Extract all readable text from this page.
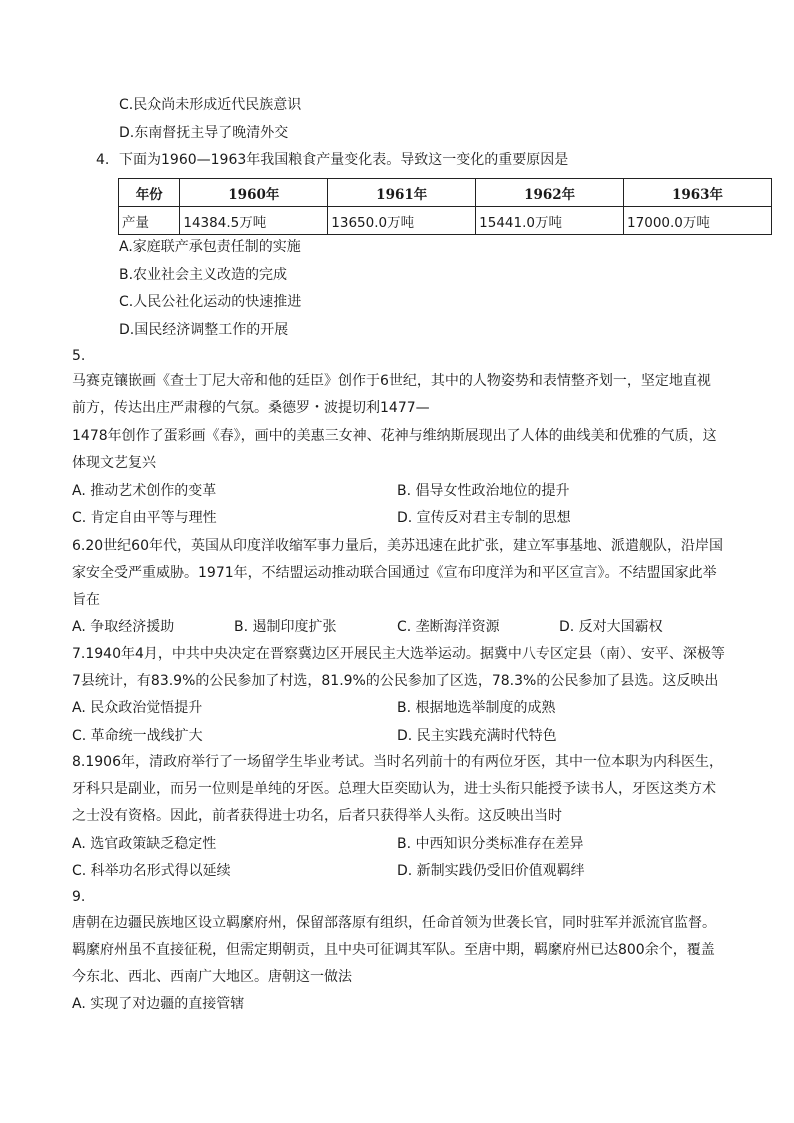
C.民众尚未形成近代民族意识
D.东南督抚主导了晚清外交
4. 下面为1960—1963年我国粮食产量变化表。导致这一变化的重要原因是
年份	1960年	1961年	1962年	1963年
产量	14384.5万吨	13650.0万吨	15441.0万吨	17000.0万吨
A.家庭联产承包责任制的实施
B.农业社会主义改造的完成
C.人民公社化运动的快速推进
D.国民经济调整工作的开展
5.
马赛克镶嵌画《查士丁尼大帝和他的廷臣》创作于6世纪，其中的人物姿势和表情整齐划一，坚定地直视
前方，传达出庄严肃穆的气氛。桑德罗・波提切利1477—
1478年创作了蛋彩画《春》，画中的美惠三女神、花神与维纳斯展现出了人体的曲线美和优雅的气质，这
体现文艺复兴
A. 推动艺术创作的变革	B. 倡导女性政治地位的提升
C. 肯定自由平等与理性	D. 宣传反对君主专制的思想
6.20世纪60年代，英国从印度洋收缩军事力量后，美苏迅速在此扩张，建立军事基地、派遣舰队，沿岸国
家安全受严重威胁。1971年，不结盟运动推动联合国通过《宣布印度洋为和平区宣言》。不结盟国家此举
旨在
A. 争取经济援助	B. 遏制印度扩张	C. 垄断海洋资源	D. 反对大国霸权
7.1940年4月，中共中央决定在晋察冀边区开展民主大选举运动。据冀中八专区定县（南）、安平、深极等
7县统计，有83.9%的公民参加了村选，81.9%的公民参加了区选，78.3%的公民参加了县选。这反映出
A. 民众政治觉悟提升	B. 根据地选举制度的成熟
C. 革命统一战线扩大	D. 民主实践充满时代特色
8.1906年，清政府举行了一场留学生毕业考试。当时名列前十的有两位牙医，其中一位本职为内科医生，
牙科只是副业，而另一位则是单纯的牙医。总理大臣奕劻认为，进士头衔只能授予读书人，牙医这类方术
之士没有资格。因此，前者获得进士功名，后者只获得举人头衔。这反映出当时
A. 选官政策缺乏稳定性	B. 中西知识分类标准存在差异
C. 科举功名形式得以延续	D. 新制实践仍受旧价值观羁绊
9.
唐朝在边疆民族地区设立羁縻府州，保留部落原有组织，任命首领为世袭长官，同时驻军并派流官监督。
羁縻府州虽不直接征税，但需定期朝贡，且中央可征调其军队。至唐中期，羁縻府州已达800余个，覆盖
今东北、西北、西南广大地区。唐朝这一做法
A. 实现了对边疆的直接管辖
